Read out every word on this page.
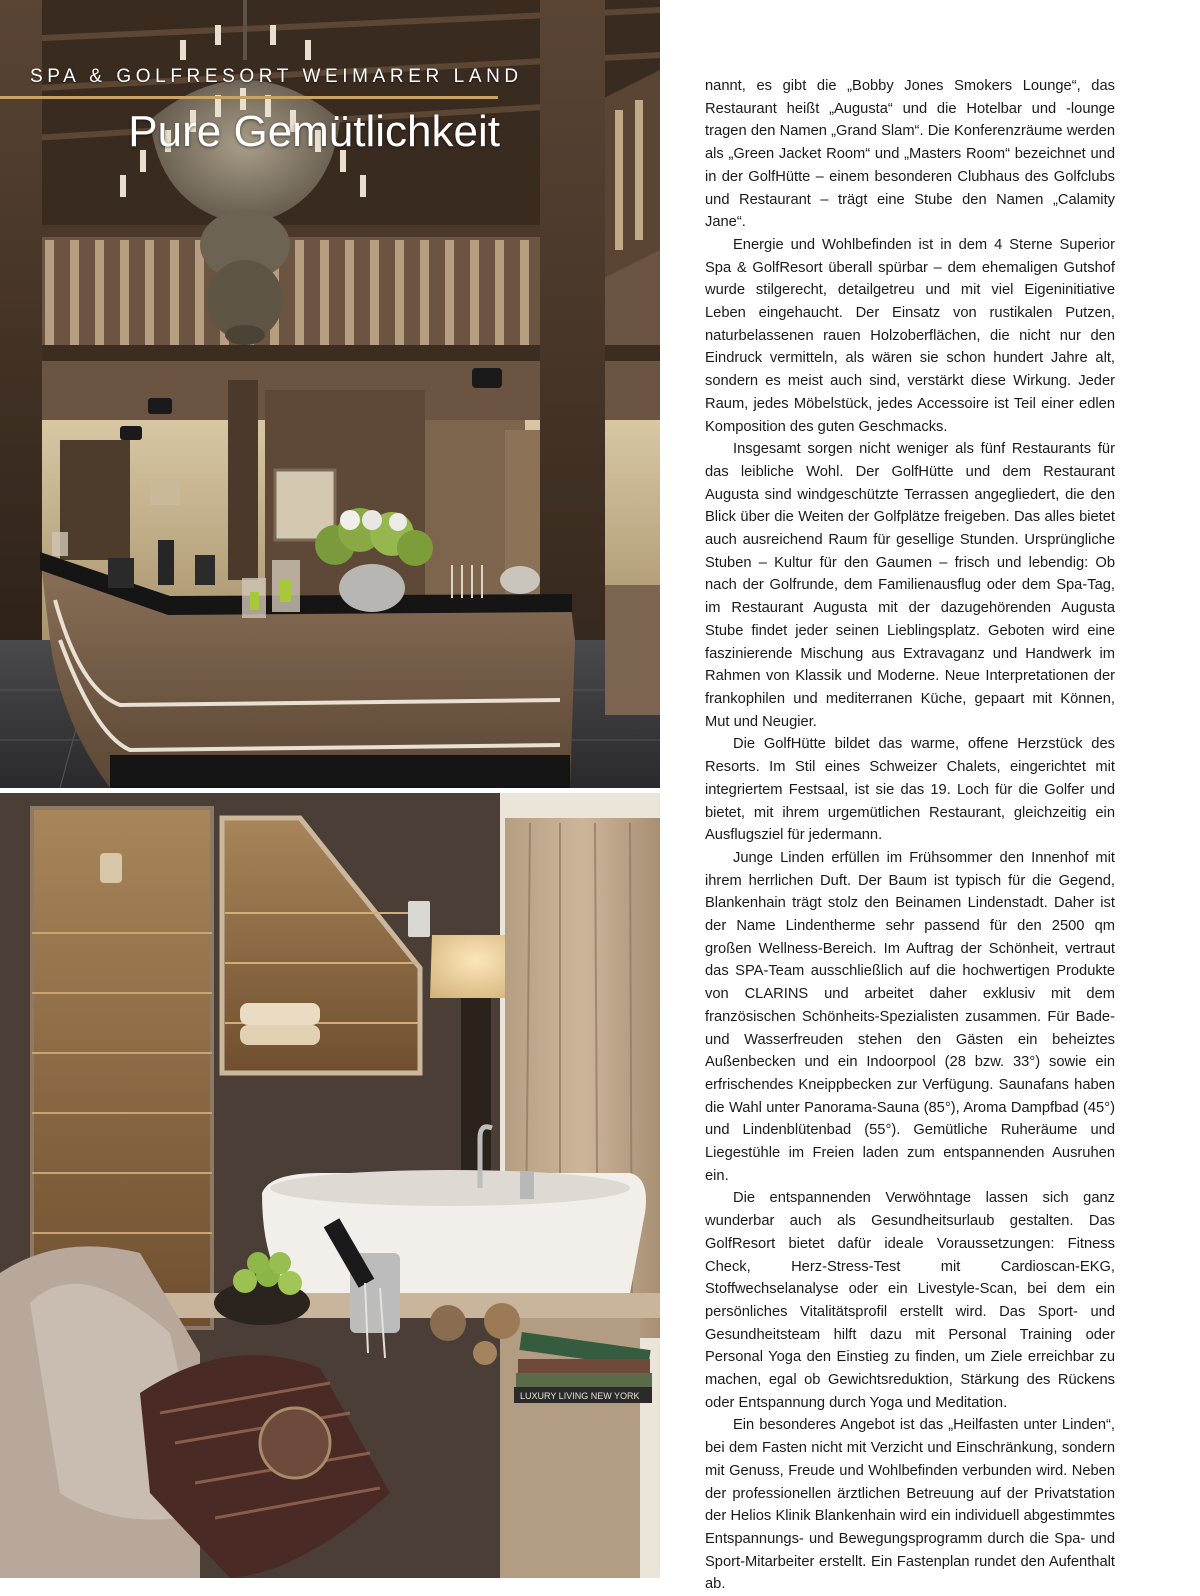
LUXURY LIVING NEW YORK
SPA & GOLFRESORT WEIMARER LAND
Pure Gemütlichkeit

nannt, es gibt die „Bobby Jones Smokers Lounge“, das Restaurant heißt „Augusta“ und die Hotelbar und -lounge tragen den Namen „Grand Slam“. Die Konferenzräume werden als „Green Jacket Room“ und „Masters Room“ bezeichnet und in der GolfHütte – einem besonderen Clubhaus des Golfclubs und Restaurant – trägt eine Stube den Namen „Calamity Jane“.

Energie und Wohlbefinden ist in dem 4 Sterne Superior Spa & GolfResort überall spürbar – dem ehemaligen Gutshof wurde stilgerecht, detailgetreu und mit viel Eigeninitiative Leben eingehaucht. Der Einsatz von rustikalen Putzen, naturbelassenen rauen Holzoberflächen, die nicht nur den Eindruck vermitteln, als wären sie schon hundert Jahre alt, sondern es meist auch sind, verstärkt diese Wirkung. Jeder Raum, jedes Möbelstück, jedes Accessoire ist Teil einer edlen Komposition des guten Geschmacks.

Insgesamt sorgen nicht weniger als fünf Restaurants für das leibliche Wohl. Der GolfHütte und dem Restaurant Augusta sind windgeschützte Terrassen angegliedert, die den Blick über die Weiten der Golfplätze freigeben. Das alles bietet auch ausreichend Raum für gesellige Stunden. Ursprüngliche Stuben – Kultur für den Gaumen – frisch und lebendig: Ob nach der Golfrunde, dem Familienausflug oder dem Spa-Tag, im Restaurant Augusta mit der dazugehörenden Augusta Stube findet jeder seinen Lieblingsplatz. Geboten wird eine faszinierende Mischung aus Extravaganz und Handwerk im Rahmen von Klassik und Moderne. Neue Interpretationen der frankophilen und mediterranen Küche, gepaart mit Können, Mut und Neugier.

Die GolfHütte bildet das warme, offene Herzstück des Resorts. Im Stil eines Schweizer Chalets, eingerichtet mit integriertem Festsaal, ist sie das 19. Loch für die Golfer und bietet, mit ihrem urgemütlichen Restaurant, gleichzeitig ein Ausflugsziel für jedermann.

Junge Linden erfüllen im Frühsommer den Innenhof mit ihrem herrlichen Duft. Der Baum ist typisch für die Gegend, Blankenhain trägt stolz den Beinamen Lindenstadt. Daher ist der Name Lindentherme sehr passend für den 2500 qm großen Wellness-Bereich. Im Auftrag der Schönheit, vertraut das SPA-Team ausschließlich auf die hochwertigen Produkte von CLARINS und arbeitet daher exklusiv mit dem französischen Schönheits-Spezialisten zusammen. Für Bade- und Wasserfreuden stehen den Gästen ein beheiztes Außenbecken und ein Indoorpool (28 bzw. 33°) sowie ein erfrischendes Kneippbecken zur Verfügung. Saunafans haben die Wahl unter Panorama-Sauna (85°), Aroma Dampfbad (45°) und Lindenblütenbad (55°). Gemütliche Ruheräume und Liegestühle im Freien laden zum entspannenden Ausruhen ein.

Die entspannenden Verwöhntage lassen sich ganz wunderbar auch als Gesundheitsurlaub gestalten. Das GolfResort bietet dafür ideale Voraussetzungen: Fitness Check, Herz-Stress-Test mit Cardioscan-EKG, Stoffwechselanalyse oder ein Livestyle-Scan, bei dem ein persönliches Vitalitätsprofil erstellt wird. Das Sport- und Gesundheitsteam hilft dazu mit Personal Training oder Personal Yoga den Einstieg zu finden, um Ziele erreichbar zu machen, egal ob Gewichtsreduktion, Stärkung des Rückens oder Entspannung durch Yoga und Meditation.

Ein besonderes Angebot ist das „Heilfasten unter Linden“, bei dem Fasten nicht mit Verzicht und Einschränkung, sondern mit Genuss, Freude und Wohlbefinden verbunden wird. Neben der professionellen ärztlichen Betreuung auf der Privatstation der Helios Klinik Blankenhain wird ein individuell abgestimmtes Entspannungs- und Bewegungsprogramm durch die Spa- und Sport-Mitarbeiter erstellt. Ein Fastenplan rundet den Aufenthalt ab.
